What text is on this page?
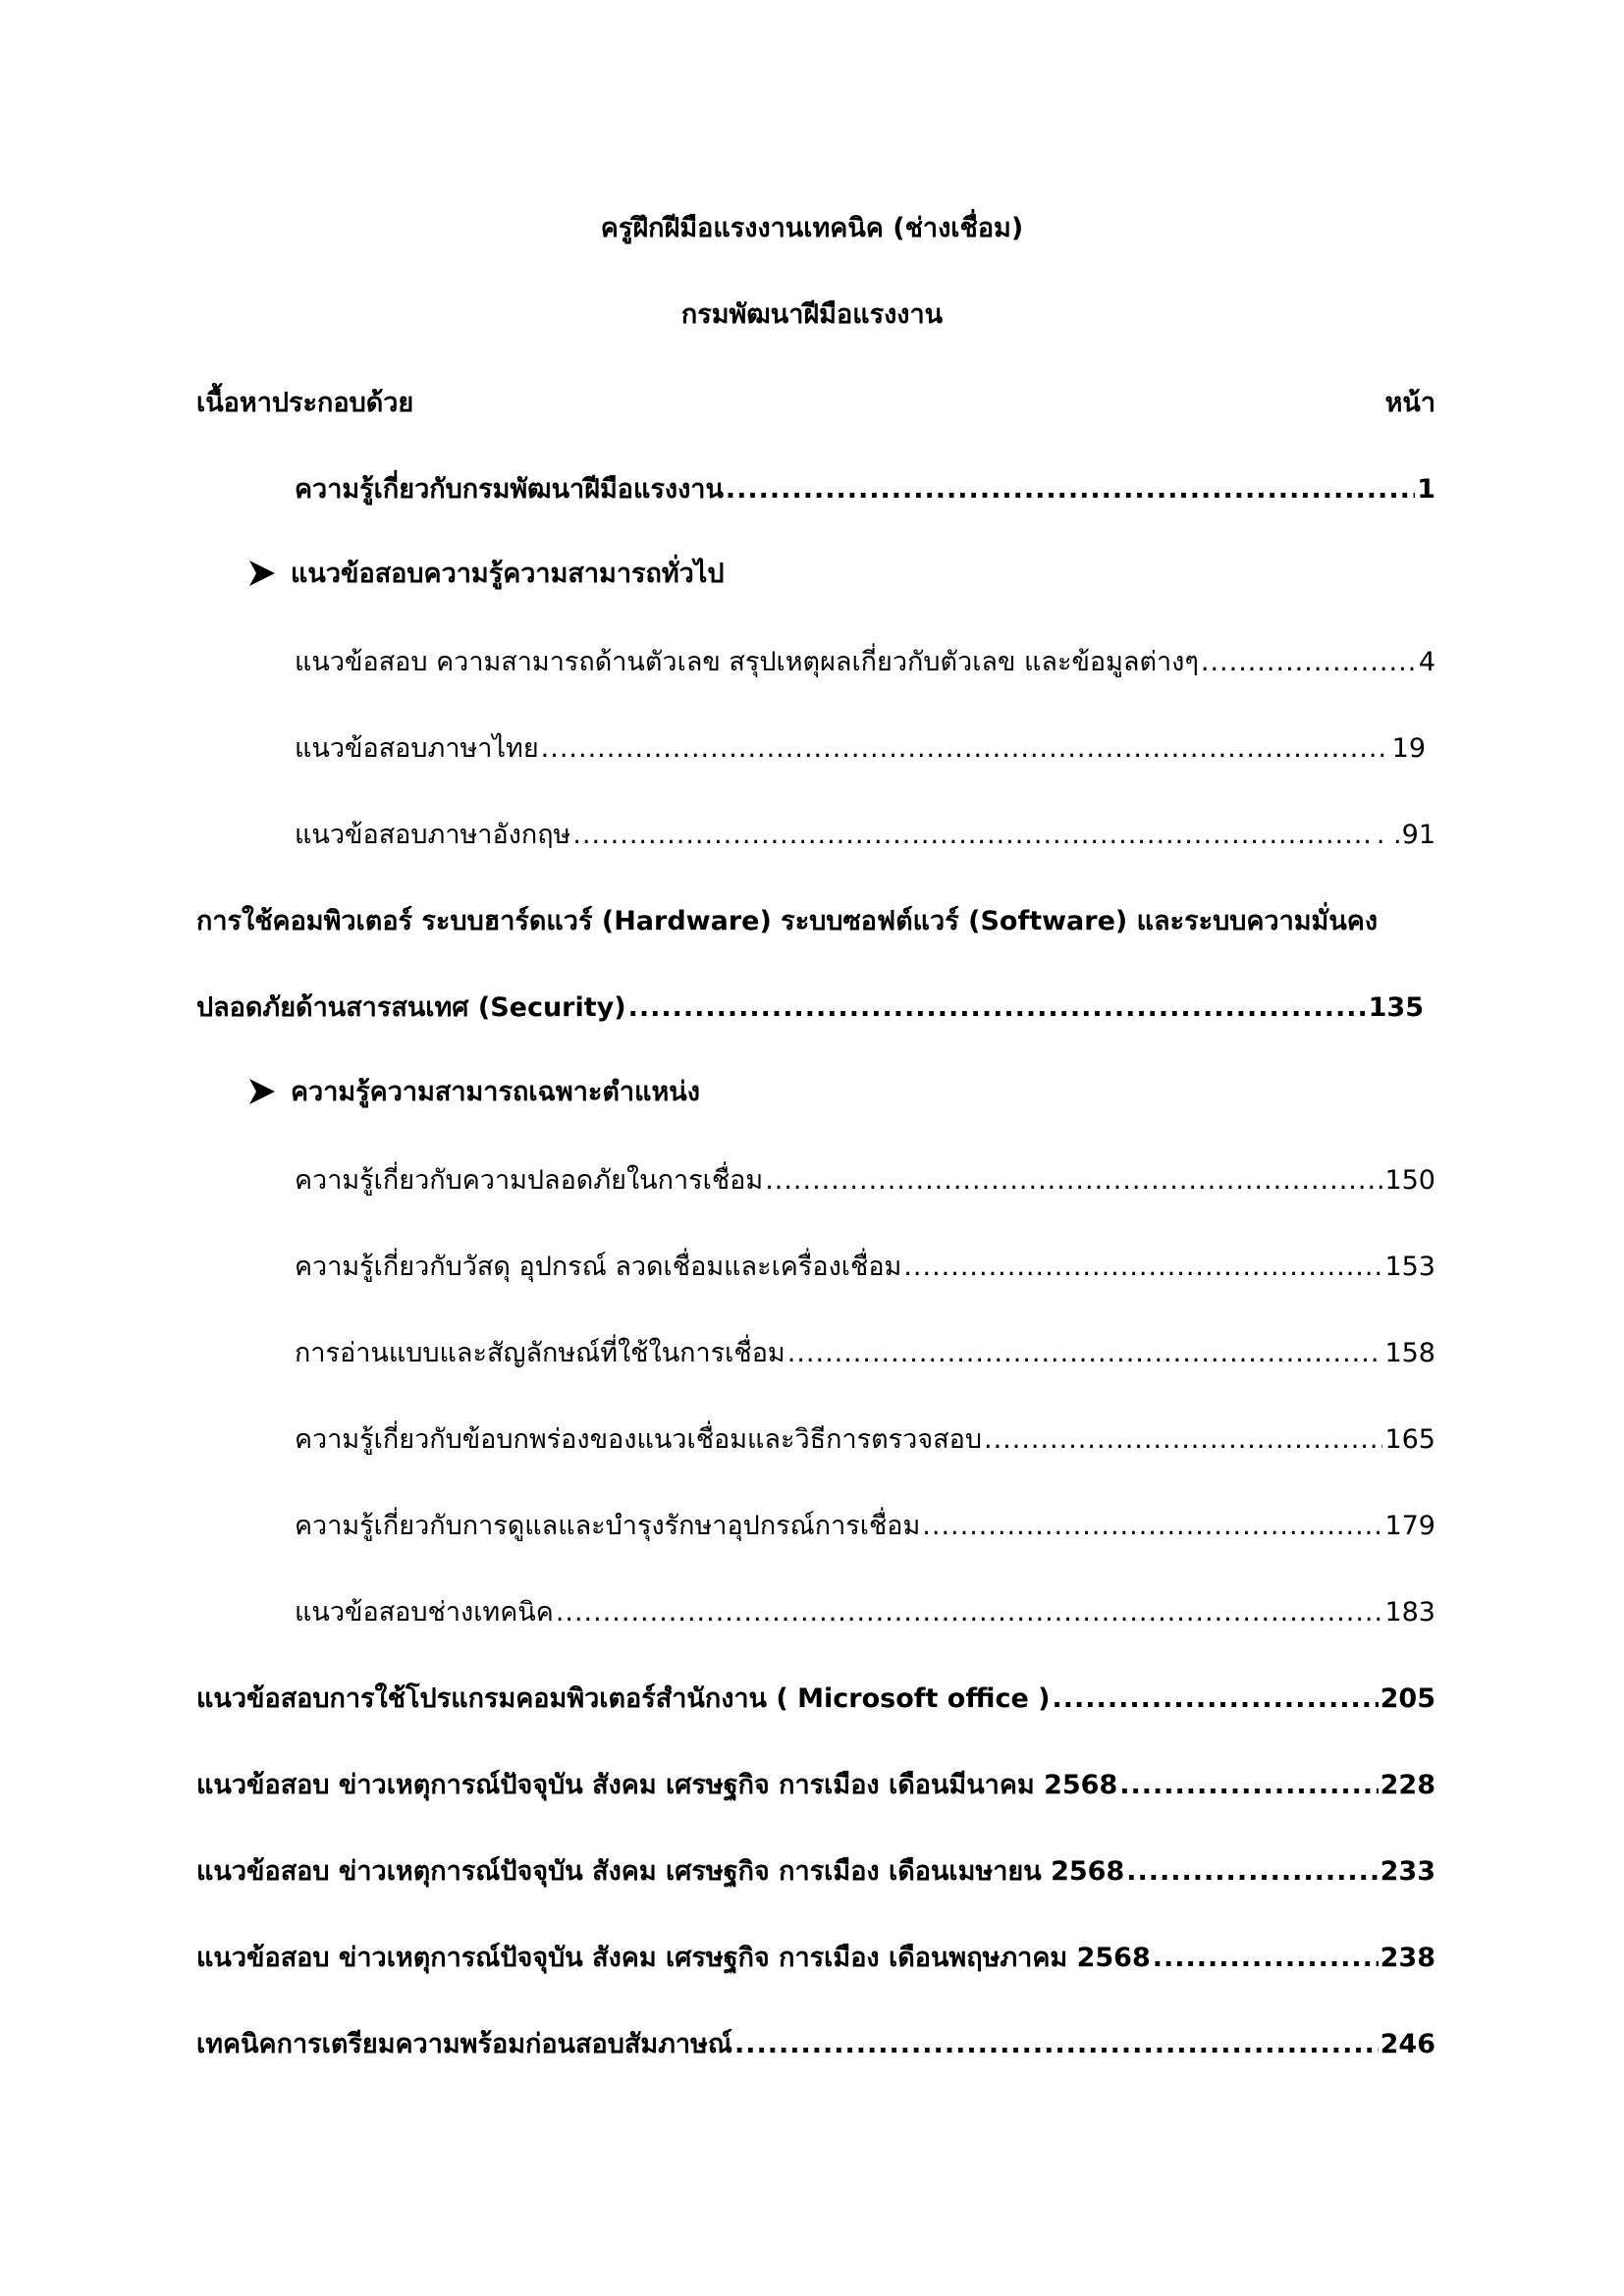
ครูฝึกฝีมือแรงงานเทคนิค (ช่างเชื่อม)
กรมพัฒนาฝีมือแรงงาน
เนื้อหาประกอบด้วย	หน้า
ความรู้เกี่ยวกับกรมพัฒนาฝีมือแรงงาน .....	1
แนวข้อสอบความรู้ความสามารถทั่วไป
แนวข้อสอบ ความสามารถด้านตัวเลข สรุปเหตุผลเกี่ยวกับตัวเลข และข้อมูลต่างๆ .....	4
แนวข้อสอบภาษาไทย .....	19
แนวข้อสอบภาษาอังกฤษ .....	. .91
การใช้คอมพิวเตอร์ ระบบฮาร์ดแวร์ (Hardware) ระบบซอฟต์แวร์ (Software) และระบบความมั่นคง
ปลอดภัยด้านสารสนเทศ (Security) .....	135
ความรู้ความสามารถเฉพาะตำแหน่ง
ความรู้เกี่ยวกับความปลอดภัยในการเชื่อม .....	150
ความรู้เกี่ยวกับวัสดุ อุปกรณ์ ลวดเชื่อมและเครื่องเชื่อม .....	153
การอ่านแบบและสัญลักษณ์ที่ใช้ในการเชื่อม .....	158
ความรู้เกี่ยวกับข้อบกพร่องของแนวเชื่อมและวิธีการตรวจสอบ .....	165
ความรู้เกี่ยวกับการดูแลและบำรุงรักษาอุปกรณ์การเชื่อม .....	179
แนวข้อสอบช่างเทคนิค .....	183
แนวข้อสอบการใช้โปรแกรมคอมพิวเตอร์สำนักงาน ( Microsoft office ) .....	205
แนวข้อสอบ ข่าวเหตุการณ์ปัจจุบัน สังคม เศรษฐกิจ การเมือง เดือนมีนาคม 2568 .....	228
แนวข้อสอบ ข่าวเหตุการณ์ปัจจุบัน สังคม เศรษฐกิจ การเมือง เดือนเมษายน 2568 .....	233
แนวข้อสอบ ข่าวเหตุการณ์ปัจจุบัน สังคม เศรษฐกิจ การเมือง เดือนพฤษภาคม 2568 .....	238
เทคนิคการเตรียมความพร้อมก่อนสอบสัมภาษณ์ .....	246
